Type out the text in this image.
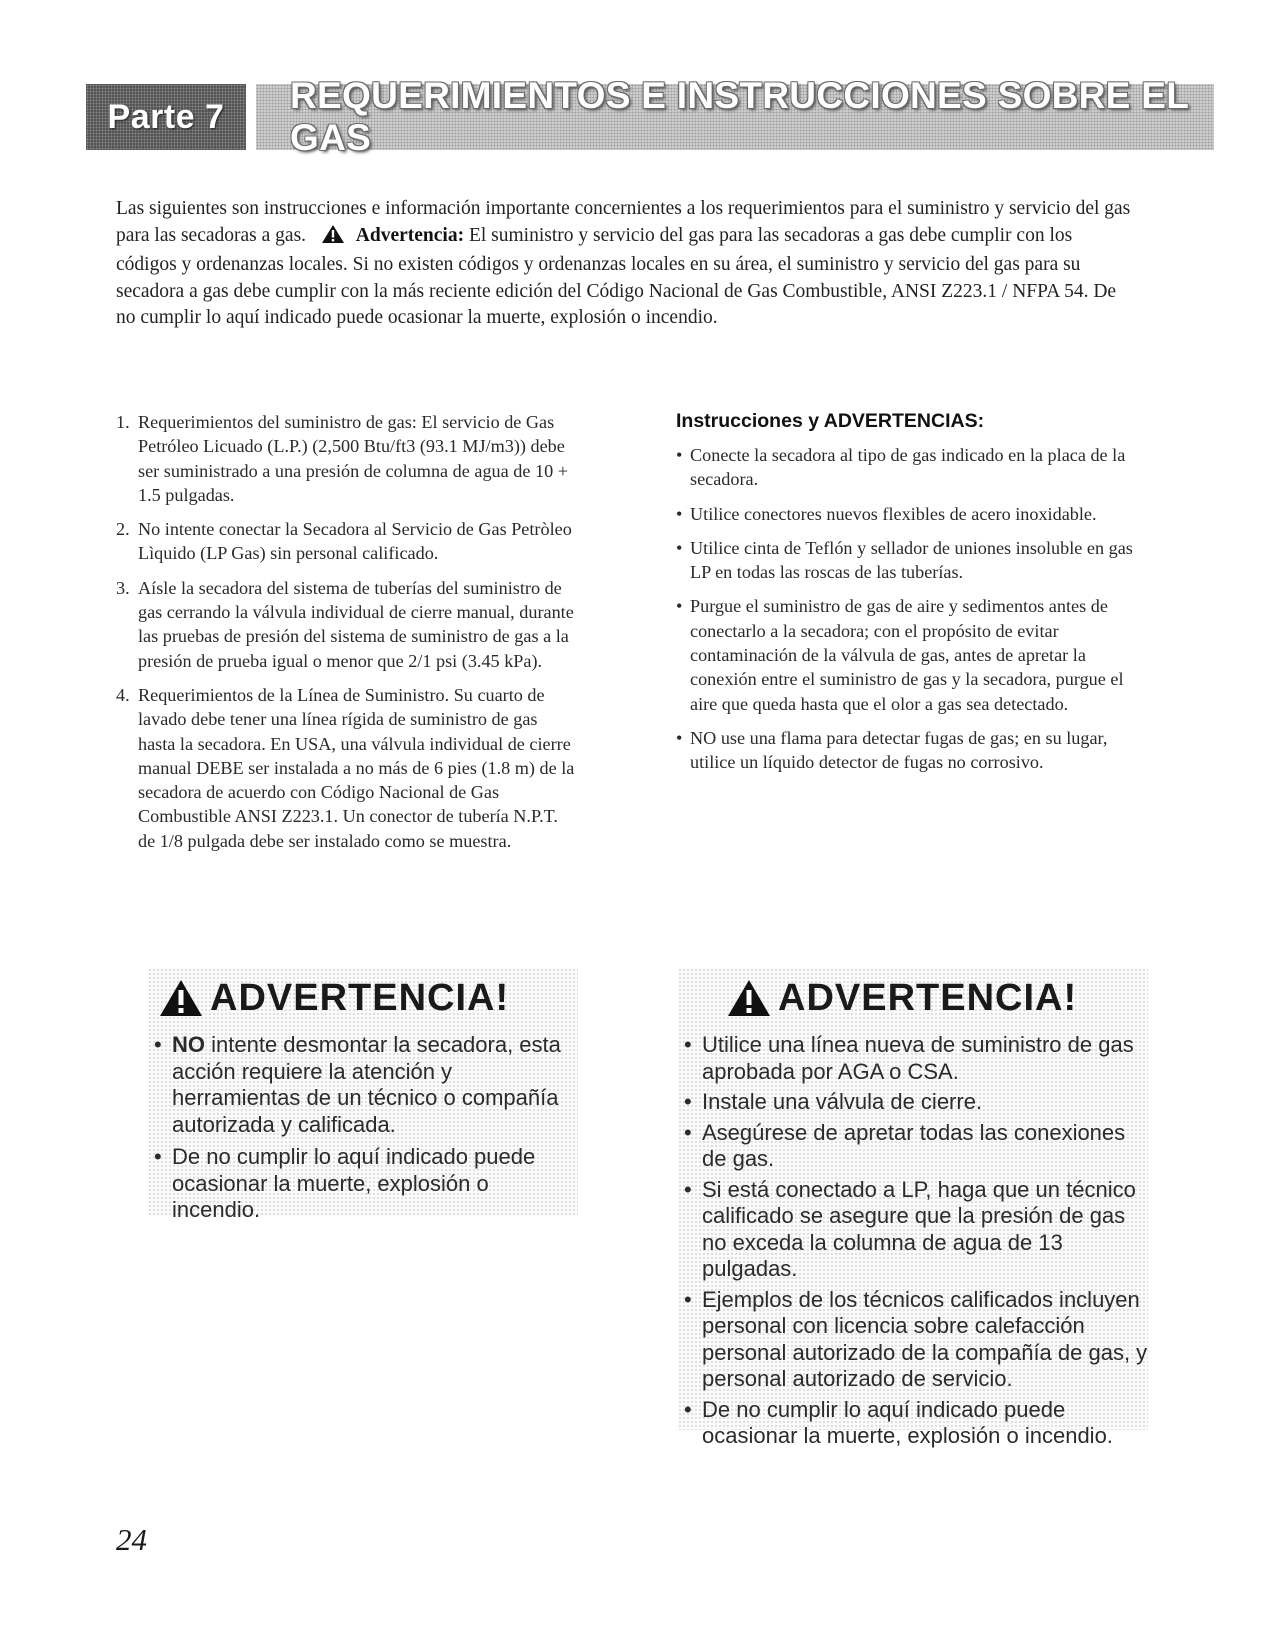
Parte 7
REQUERIMIENTOS E INSTRUCCIONES SOBRE EL GAS

Las siguientes son instrucciones e información importante concernientes a los requerimientos para el suministro y servicio del gas para las secadoras a gas.	Advertencia: El suministro y servicio del gas para las secadoras a gas debe cumplir con los códigos y ordenanzas locales. Si no existen códigos y ordenanzas locales en su área, el suministro y servicio del gas para su secadora a gas debe cumplir con la más reciente edición del Código Nacional de Gas Combustible, ANSI Z223.1 / NFPA 54. De no cumplir lo aquí indicado puede ocasionar la muerte, explosión o incendio.

1. Requerimientos del suministro de gas: El servicio de Gas Petróleo Licuado (L.P.) (2,500 Btu/ft3 (93.1 MJ/m3)) debe ser suministrado a una presión de columna de agua de 10 + 1.5 pulgadas.
2. No intente conectar la Secadora al Servicio de Gas Petròleo Lìquido (LP Gas) sin personal calificado.
3. Aísle la secadora del sistema de tuberías del suministro de gas cerrando la válvula individual de cierre manual, durante las pruebas de presión del sistema de suministro de gas a la presión de prueba igual o menor que 2/1 psi (3.45 kPa).
4. Requerimientos de la Línea de Suministro. Su cuarto de lavado debe tener una línea rígida de suministro de gas hasta la secadora. En USA, una válvula individual de cierre manual DEBE ser instalada a no más de 6 pies (1.8 m) de la secadora de acuerdo con Código Nacional de Gas Combustible ANSI Z223.1. Un conector de tubería N.P.T. de 1/8 pulgada debe ser instalado como se muestra.
Instrucciones y ADVERTENCIAS:
• Conecte la secadora al tipo de gas indicado en la placa de la secadora.
• Utilice conectores nuevos flexibles de acero inoxidable.
• Utilice cinta de Teflón y sellador de uniones insoluble en gas LP en todas las roscas de las tuberías.
• Purgue el suministro de gas de aire y sedimentos antes de conectarlo a la secadora; con el propósito de evitar contaminación de la válvula de gas, antes de apretar la conexión entre el suministro de gas y la secadora, purgue el aire que queda hasta que el olor a gas sea detectado.
• NO use una flama para detectar fugas de gas; en su lugar, utilice un líquido detector de fugas no corrosivo.
ADVERTENCIA!
• NO intente desmontar la secadora, esta acción requiere la atención y herramientas de un técnico o compañía autorizada y calificada.
• De no cumplir lo aquí indicado puede ocasionar la muerte, explosión o incendio.
ADVERTENCIA!
• Utilice una línea nueva de suministro de gas aprobada por AGA o CSA.
• Instale una válvula de cierre.
• Asegúrese de apretar todas las conexiones de gas.
• Si está conectado a LP, haga que un técnico calificado se asegure que la presión de gas no exceda la columna de agua de 13 pulgadas.
• Ejemplos de los técnicos calificados incluyen personal con licencia sobre calefacción personal autorizado de la compañía de gas, y personal autorizado de servicio.
• De no cumplir lo aquí indicado puede ocasionar la muerte, explosión o incendio.
24
